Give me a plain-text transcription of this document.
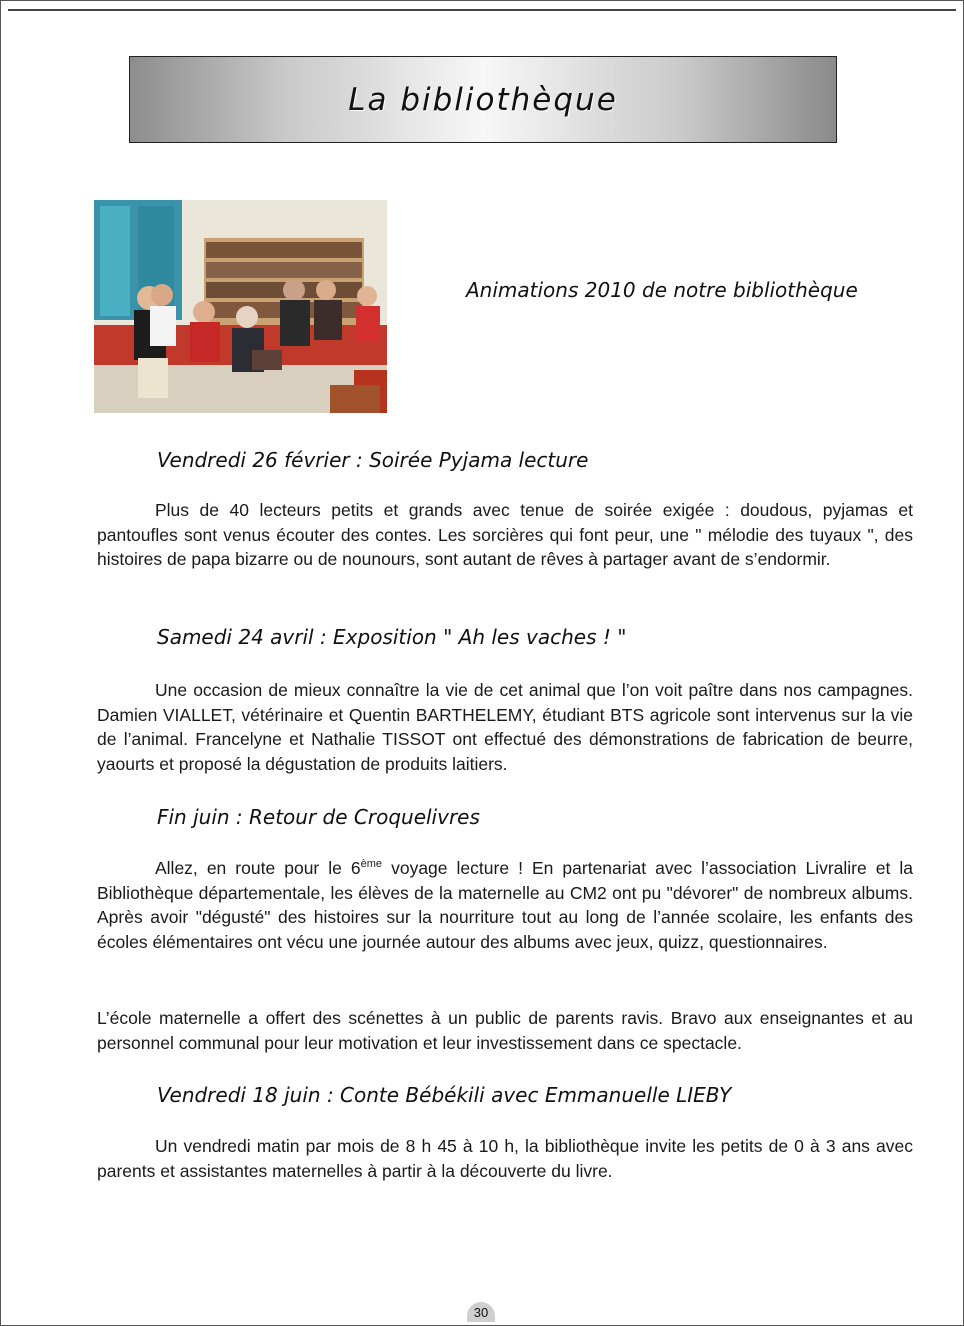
La bibliothèque
Animations 2010 de notre bibliothèque
Vendredi 26 février : Soirée Pyjama lecture

Plus de 40 lecteurs petits et grands avec tenue de soirée exigée : doudous, pyjamas et pantoufles sont venus écouter des contes. Les sorcières qui font peur, une " mélodie des tuyaux ", des histoires de papa bizarre ou de nounours, sont autant de rêves à partager avant de s’endormir.

Samedi 24 avril : Exposition " Ah les vaches ! "

Une occasion de mieux connaître la vie de cet animal que l’on voit paître dans nos campagnes. Damien VIALLET, vétérinaire et Quentin BARTHELEMY, étudiant BTS agricole sont intervenus sur la vie de l’animal. Francelyne et Nathalie TISSOT ont effectué des démonstrations de fabrication de beurre, yaourts et proposé la dégustation de produits laitiers.

Fin juin : Retour de Croquelivres

Allez, en route pour le 6ème voyage lecture ! En partenariat avec l’association Livralire et la Bibliothèque départementale, les élèves de la maternelle au CM2 ont pu "dévorer" de nombreux albums. Après avoir "dégusté" des histoires sur la nourriture tout au long de l’année scolaire, les enfants des écoles élémentaires ont vécu une journée autour des albums avec jeux, quizz, questionnaires.

L’école maternelle a offert des scénettes à un public de parents ravis. Bravo aux enseignantes et au personnel communal pour leur motivation et leur investissement dans ce spectacle.

Vendredi 18 juin : Conte Bébékili avec Emmanuelle LIEBY

Un vendredi matin par mois de 8 h 45 à 10 h, la bibliothèque invite les petits de 0 à 3 ans avec parents et assistantes maternelles à partir à la découverte du livre.

30
